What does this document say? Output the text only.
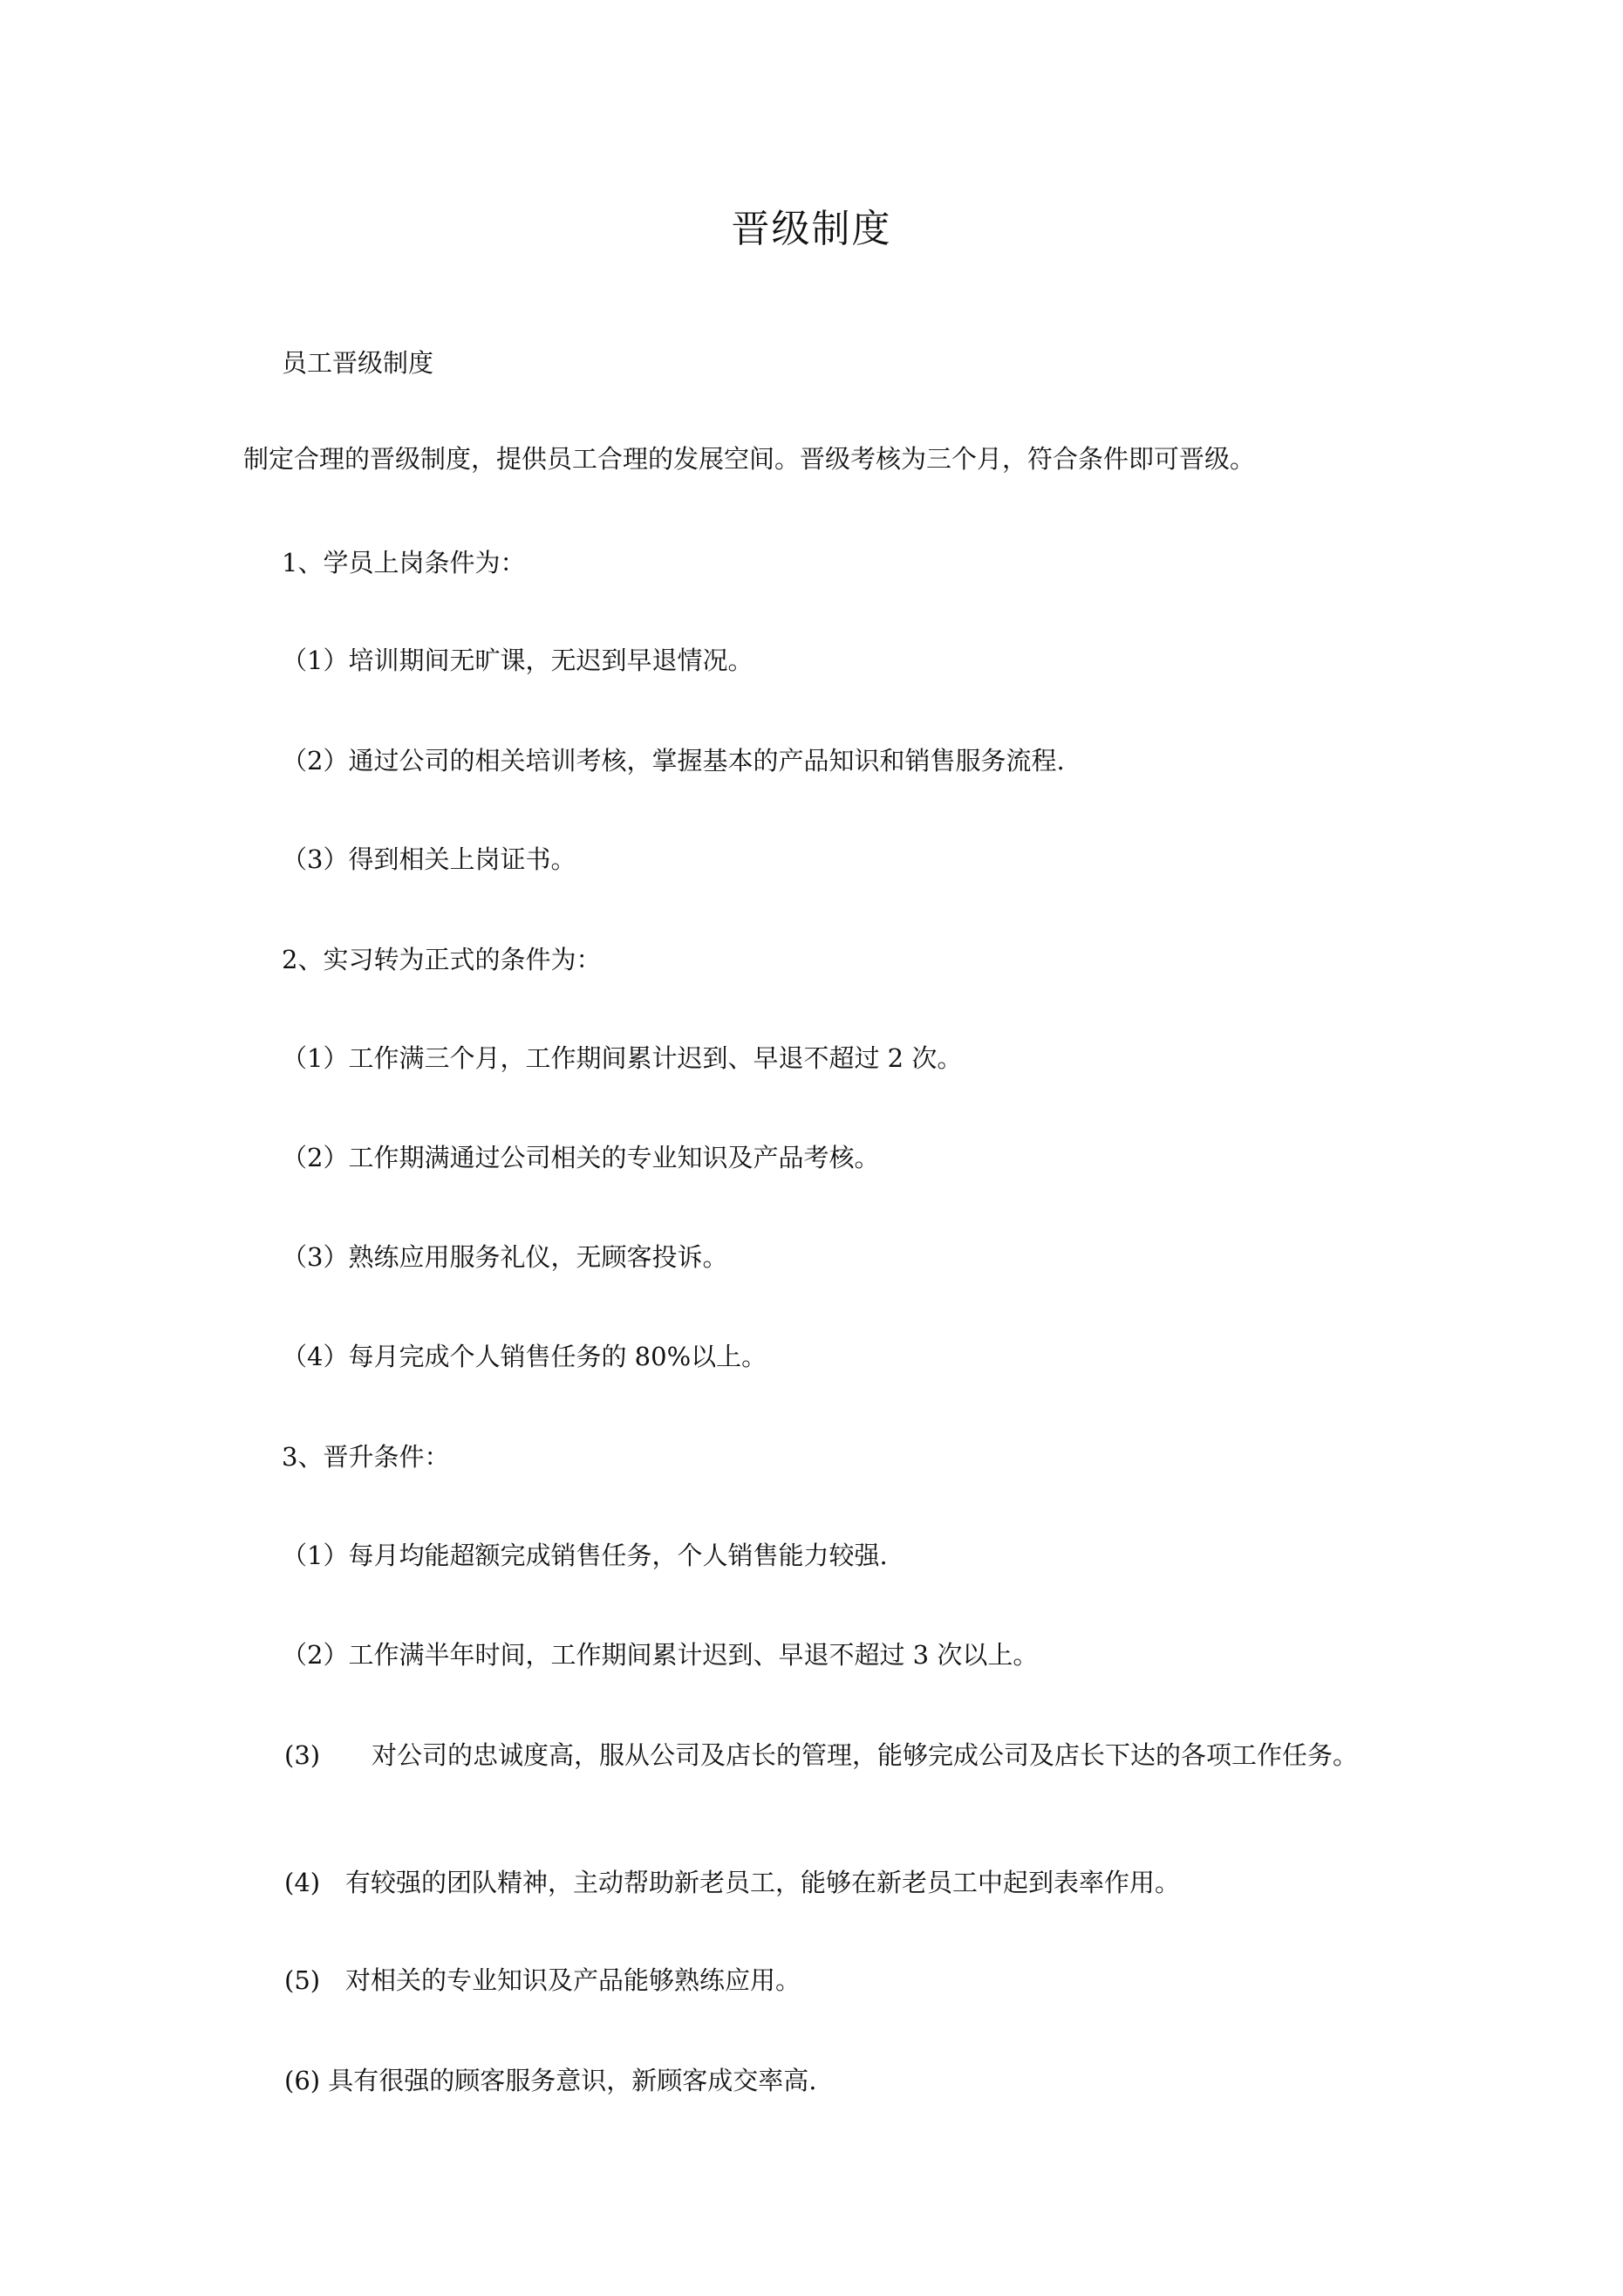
晋级制度
员工晋级制度
制定合理的晋级制度，提供员工合理的发展空间。晋级考核为三个月，符合条件即可晋级。
1、学员上岗条件为：
（1）培训期间无旷课，无迟到早退情况。
（2）通过公司的相关培训考核，掌握基本的产品知识和销售服务流程.
（3）得到相关上岗证书。
2、实习转为正式的条件为：
（1）工作满三个月，工作期间累计迟到、早退不超过 2 次。
（2）工作期满通过公司相关的专业知识及产品考核。
（3）熟练应用服务礼仪，无顾客投诉。
（4）每月完成个人销售任务的 80%以上。
3、晋升条件：
（1）每月均能超额完成销售任务，个人销售能力较强.
（2）工作满半年时间，工作期间累计迟到、早退不超过 3 次以上。
(3) 对公司的忠诚度高，服从公司及店长的管理，能够完成公司及店长下达的各项工作任务。
(4) 有较强的团队精神，主动帮助新老员工，能够在新老员工中起到表率作用。
(5) 对相关的专业知识及产品能够熟练应用。
(6) 具有很强的顾客服务意识，新顾客成交率高.
